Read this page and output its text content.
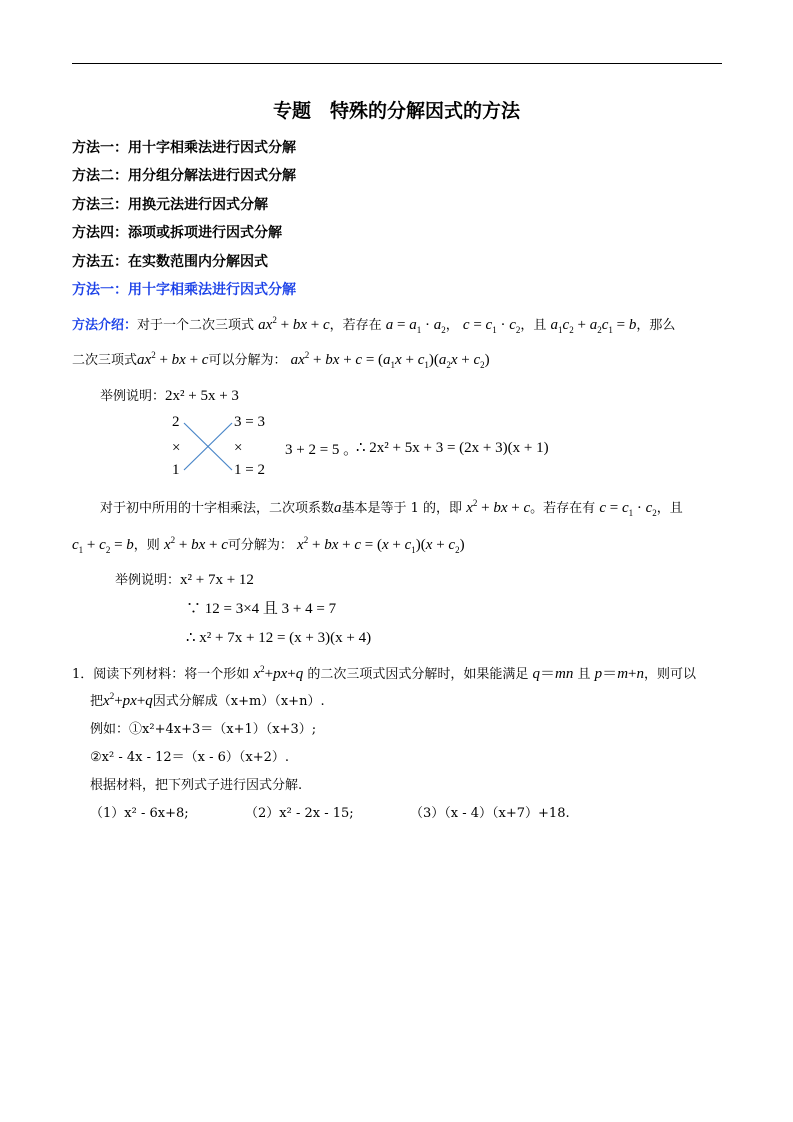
专题　特殊的分解因式的方法
方法一：用十字相乘法进行因式分解
方法二：用分组分解法进行因式分解
方法三：用换元法进行因式分解
方法四：添项或拆项进行因式分解
方法五：在实数范围内分解因式
方法一：用十字相乘法进行因式分解
方法介绍：对于一个二次三项式 $ax^2$ + bx + c，若存在 $a = a_1 \cdot a_2$， $c = c_1 \cdot c_2$，且 $a_1c_2 + a_2c_1 = b$，那么
二次三项式$ax^2$ + bx + c可以分解为： $ax^2$ + bx + $c = (a_1x + c_1)(a_2x + c_2)$
举例说明：2x² + 5x + 3
2	3 = 3
×	×
1	1 = 2
3 + 2 = 5 。
∴ 2x² + 5x + 3 = (2x + 3)(x + 1)
对于初中所用的十字相乘法，二次项系数a基本是等于 1 的，即 $x^2$ + bx + c。若存在有 $c = c_1 \cdot c_2$，且
$c_1 + c_2 = b$，则 $x^2$ + bx + c可分解为： $x^2$ + bx + $c = (x + c_1)(x + c_2)$
举例说明：x² + 7x + 12
∵ 12 = 3×4 且 3 + 4 = 7
∴ x² + 7x + 12 = (x + 3)(x + 4)
1．阅读下列材料：将一个形如 $x^2+px+q$ 的二次三项式因式分解时，如果能满足 q＝mn 且 p＝m+n，则可以
把$x^2+px+q$因式分解成（x+m）（x+n）.
例如：①x²+4x+3＝（x+1）（x+3）;
②x² - 4x - 12＝（x - 6）（x+2）.
根据材料，把下列式子进行因式分解.
（1）x² - 6x+8;	（2）x² - 2x - 15;	（3）（x - 4）（x+7）+18.
